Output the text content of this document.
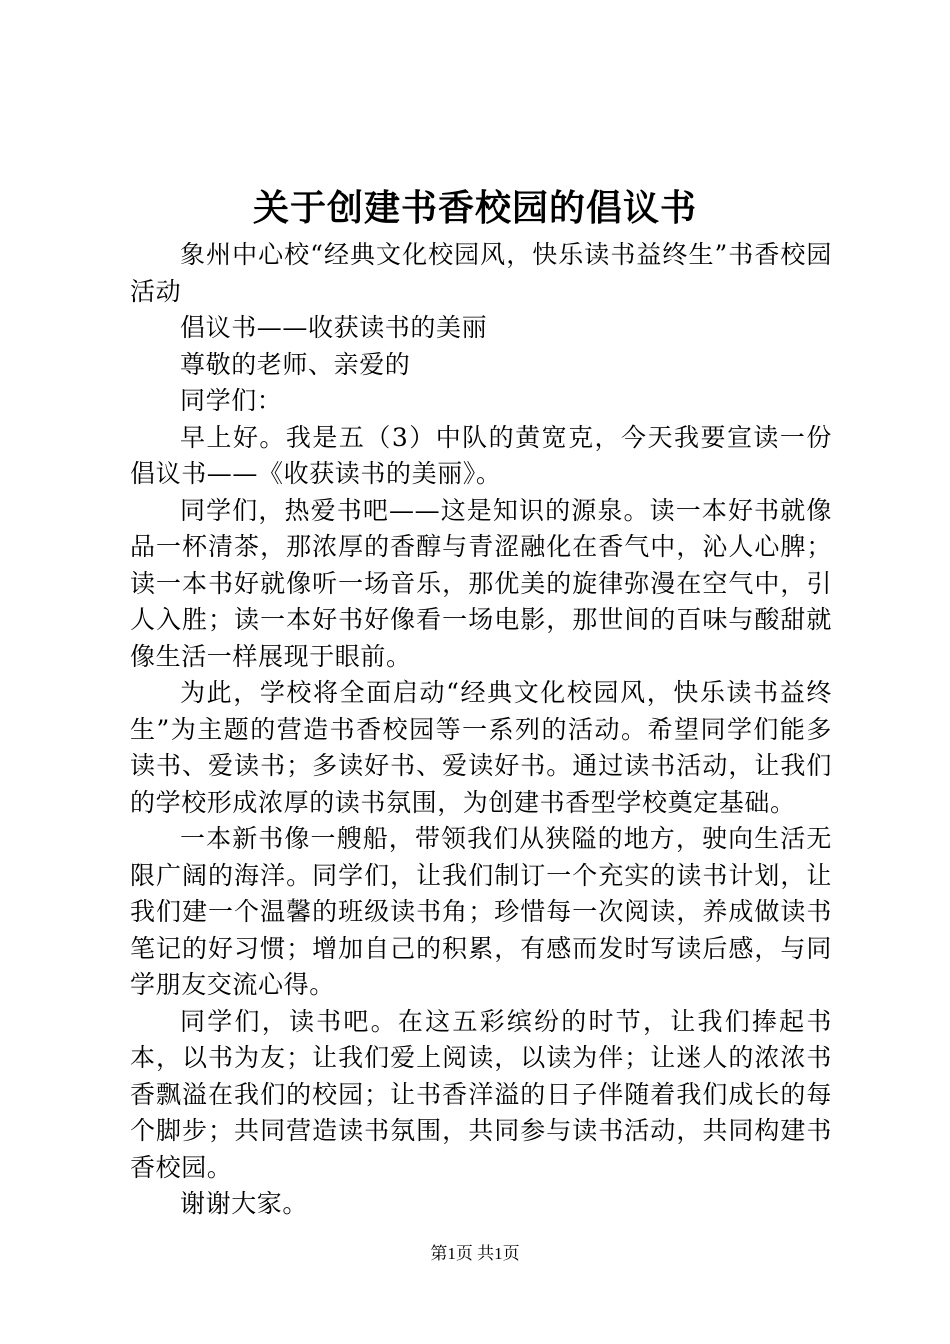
关于创建书香校园的倡议书

象州中心校“经典文化校园风，快乐读书益终生”书香校园活动

倡议书——收获读书的美丽

尊敬的老师、亲爱的

同学们：

早上好。我是五（3）中队的黄宽克，今天我要宣读一份倡议书——《收获读书的美丽》。

同学们，热爱书吧——这是知识的源泉。读一本好书就像品一杯清茶，那浓厚的香醇与青涩融化在香气中，沁人心脾；读一本书好就像听一场音乐，那优美的旋律弥漫在空气中，引人入胜；读一本好书好像看一场电影，那世间的百味与酸甜就像生活一样展现于眼前。

为此，学校将全面启动“经典文化校园风，快乐读书益终生”为主题的营造书香校园等一系列的活动。希望同学们能多读书、爱读书；多读好书、爱读好书。通过读书活动，让我们的学校形成浓厚的读书氛围，为创建书香型学校奠定基础。

一本新书像一艘船，带领我们从狭隘的地方，驶向生活无限广阔的海洋。同学们，让我们制订一个充实的读书计划，让我们建一个温馨的班级读书角；珍惜每一次阅读，养成做读书笔记的好习惯；增加自己的积累，有感而发时写读后感，与同学朋友交流心得。

同学们，读书吧。在这五彩缤纷的时节，让我们捧起书本，以书为友；让我们爱上阅读，以读为伴；让迷人的浓浓书香飘溢在我们的校园；让书香洋溢的日子伴随着我们成长的每个脚步；共同营造读书氛围，共同参与读书活动，共同构建书香校园。

谢谢大家。

第1页 共1页
